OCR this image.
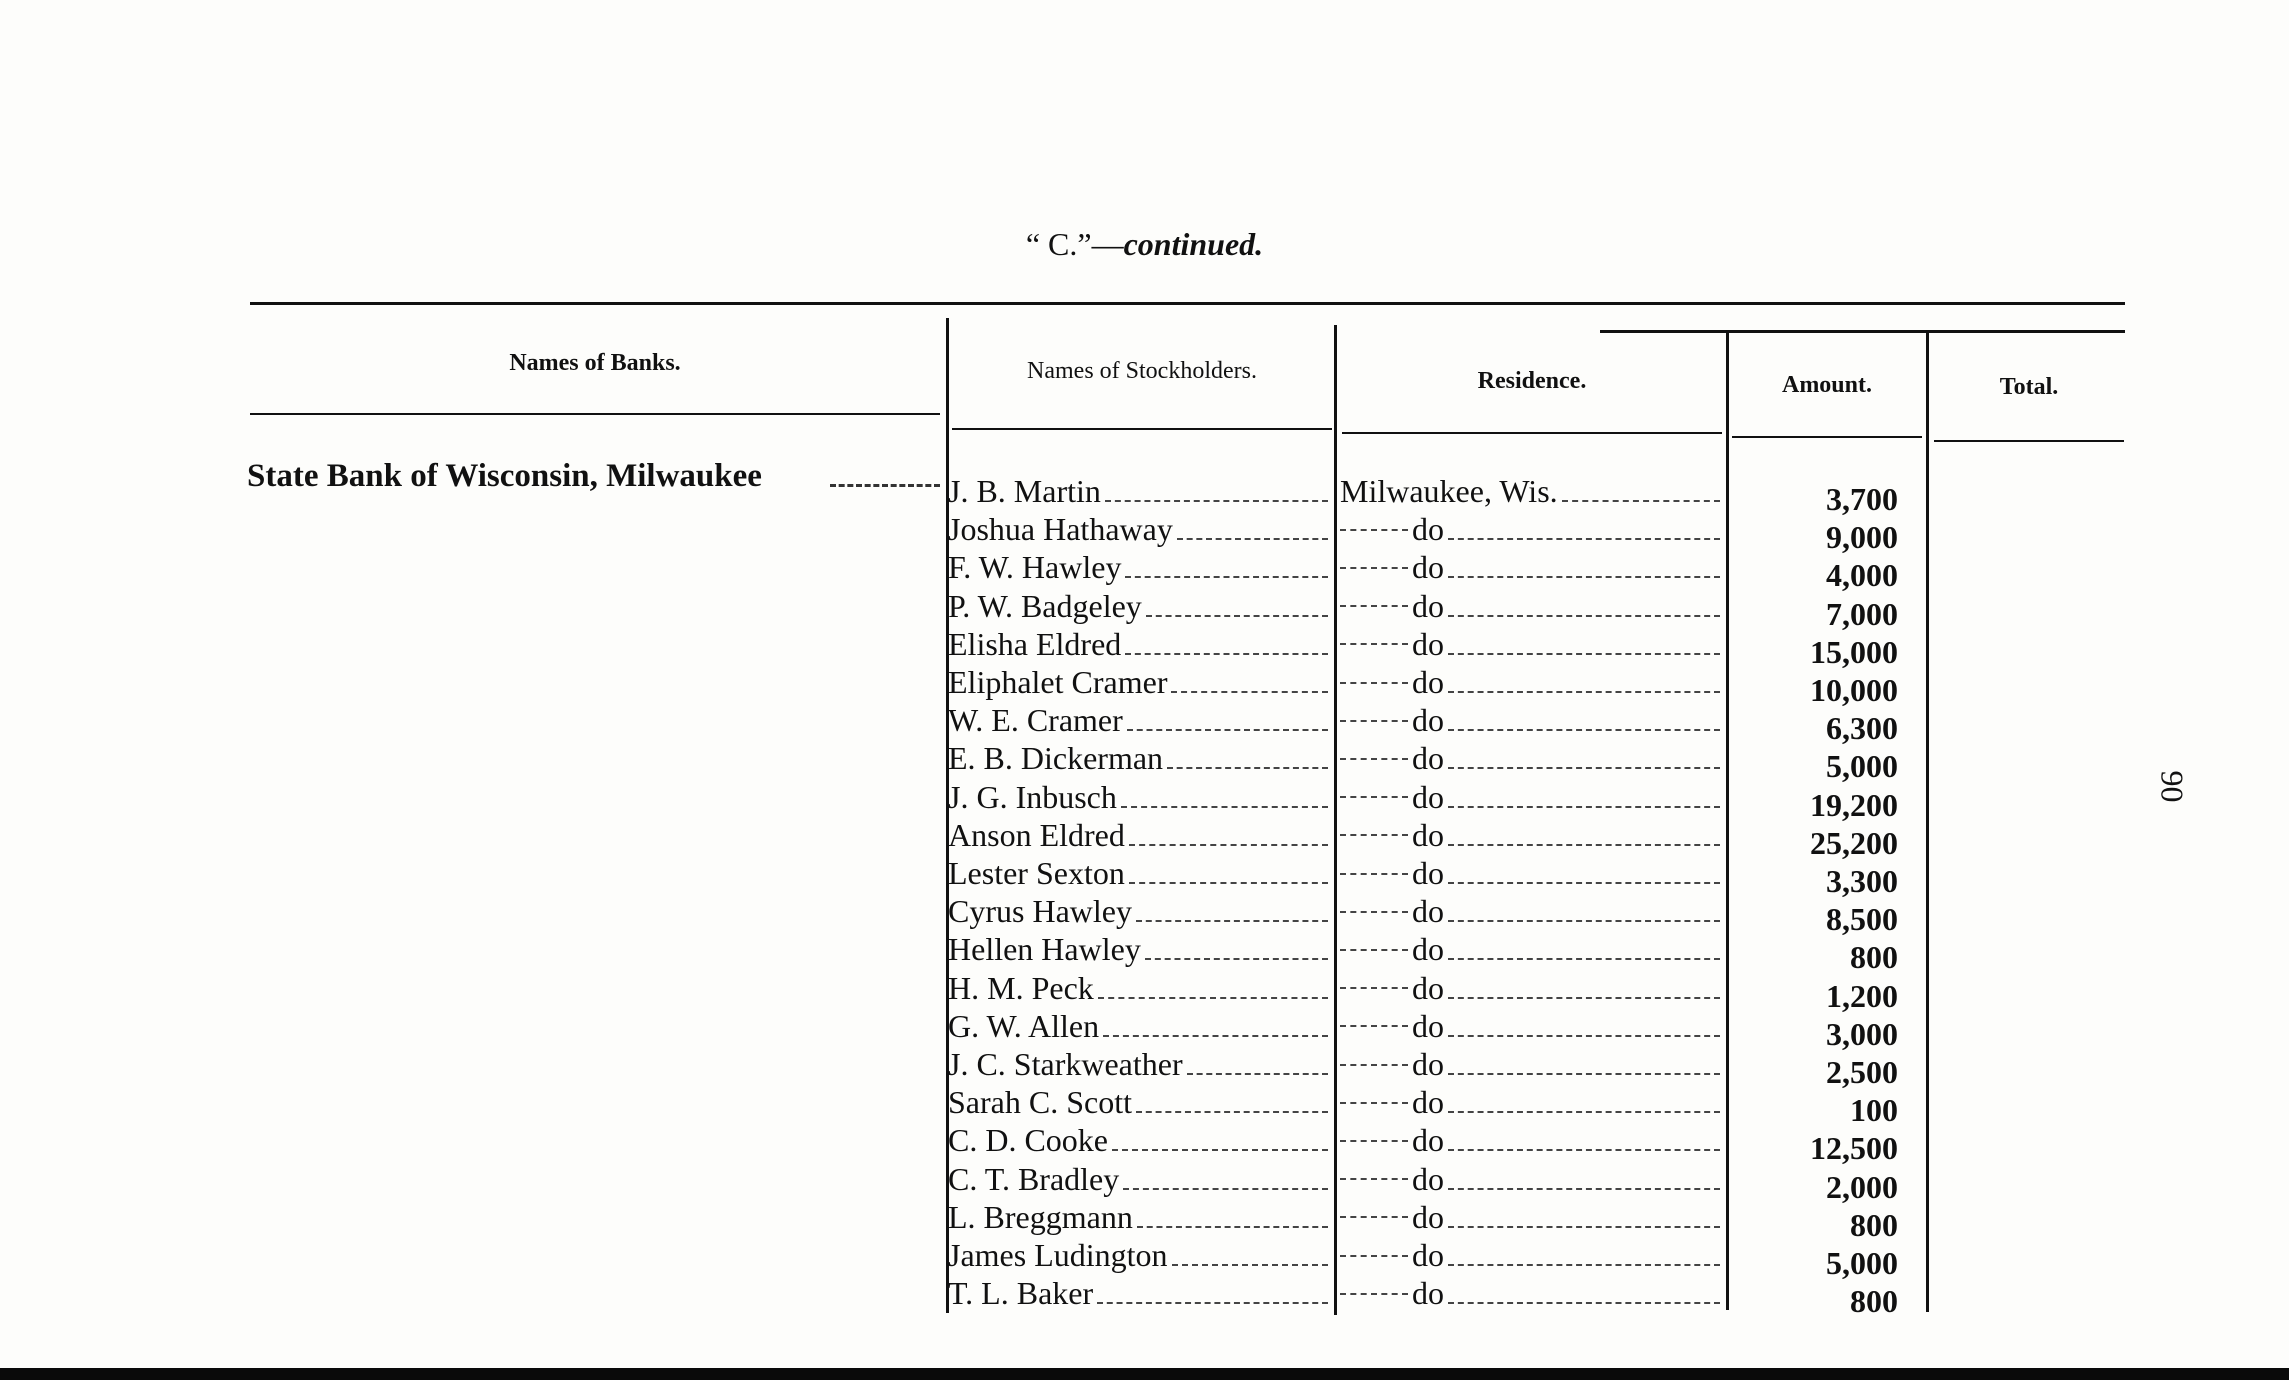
“ C.”—continued.
Names of Banks.	Names of Stockholders.	Residence.	Amount.	Total.
State Bank of Wisconsin, Milwaukee	J. B. Martin	Milwaukee, Wis.	3,700
Joshua Hathaway	do	9,000
F. W. Hawley	do	4,000
P. W. Badgeley	do	7,000
Elisha Eldred	do	15,000
Eliphalet Cramer	do	10,000
W. E. Cramer	do	6,300
E. B. Dickerman	do	5,000
J. G. Inbusch	do	19,200
Anson Eldred	do	25,200
Lester Sexton	do	3,300
Cyrus Hawley	do	8,500
Hellen Hawley	do	800
H. M. Peck	do	1,200
G. W. Allen	do	3,000
J. C. Starkweather	do	2,500
Sarah C. Scott	do	100
C. D. Cooke	do	12,500
C. T. Bradley	do	2,000
L. Breggmann	do	800
James Ludington	do	5,000
T. L. Baker	do	800
90
